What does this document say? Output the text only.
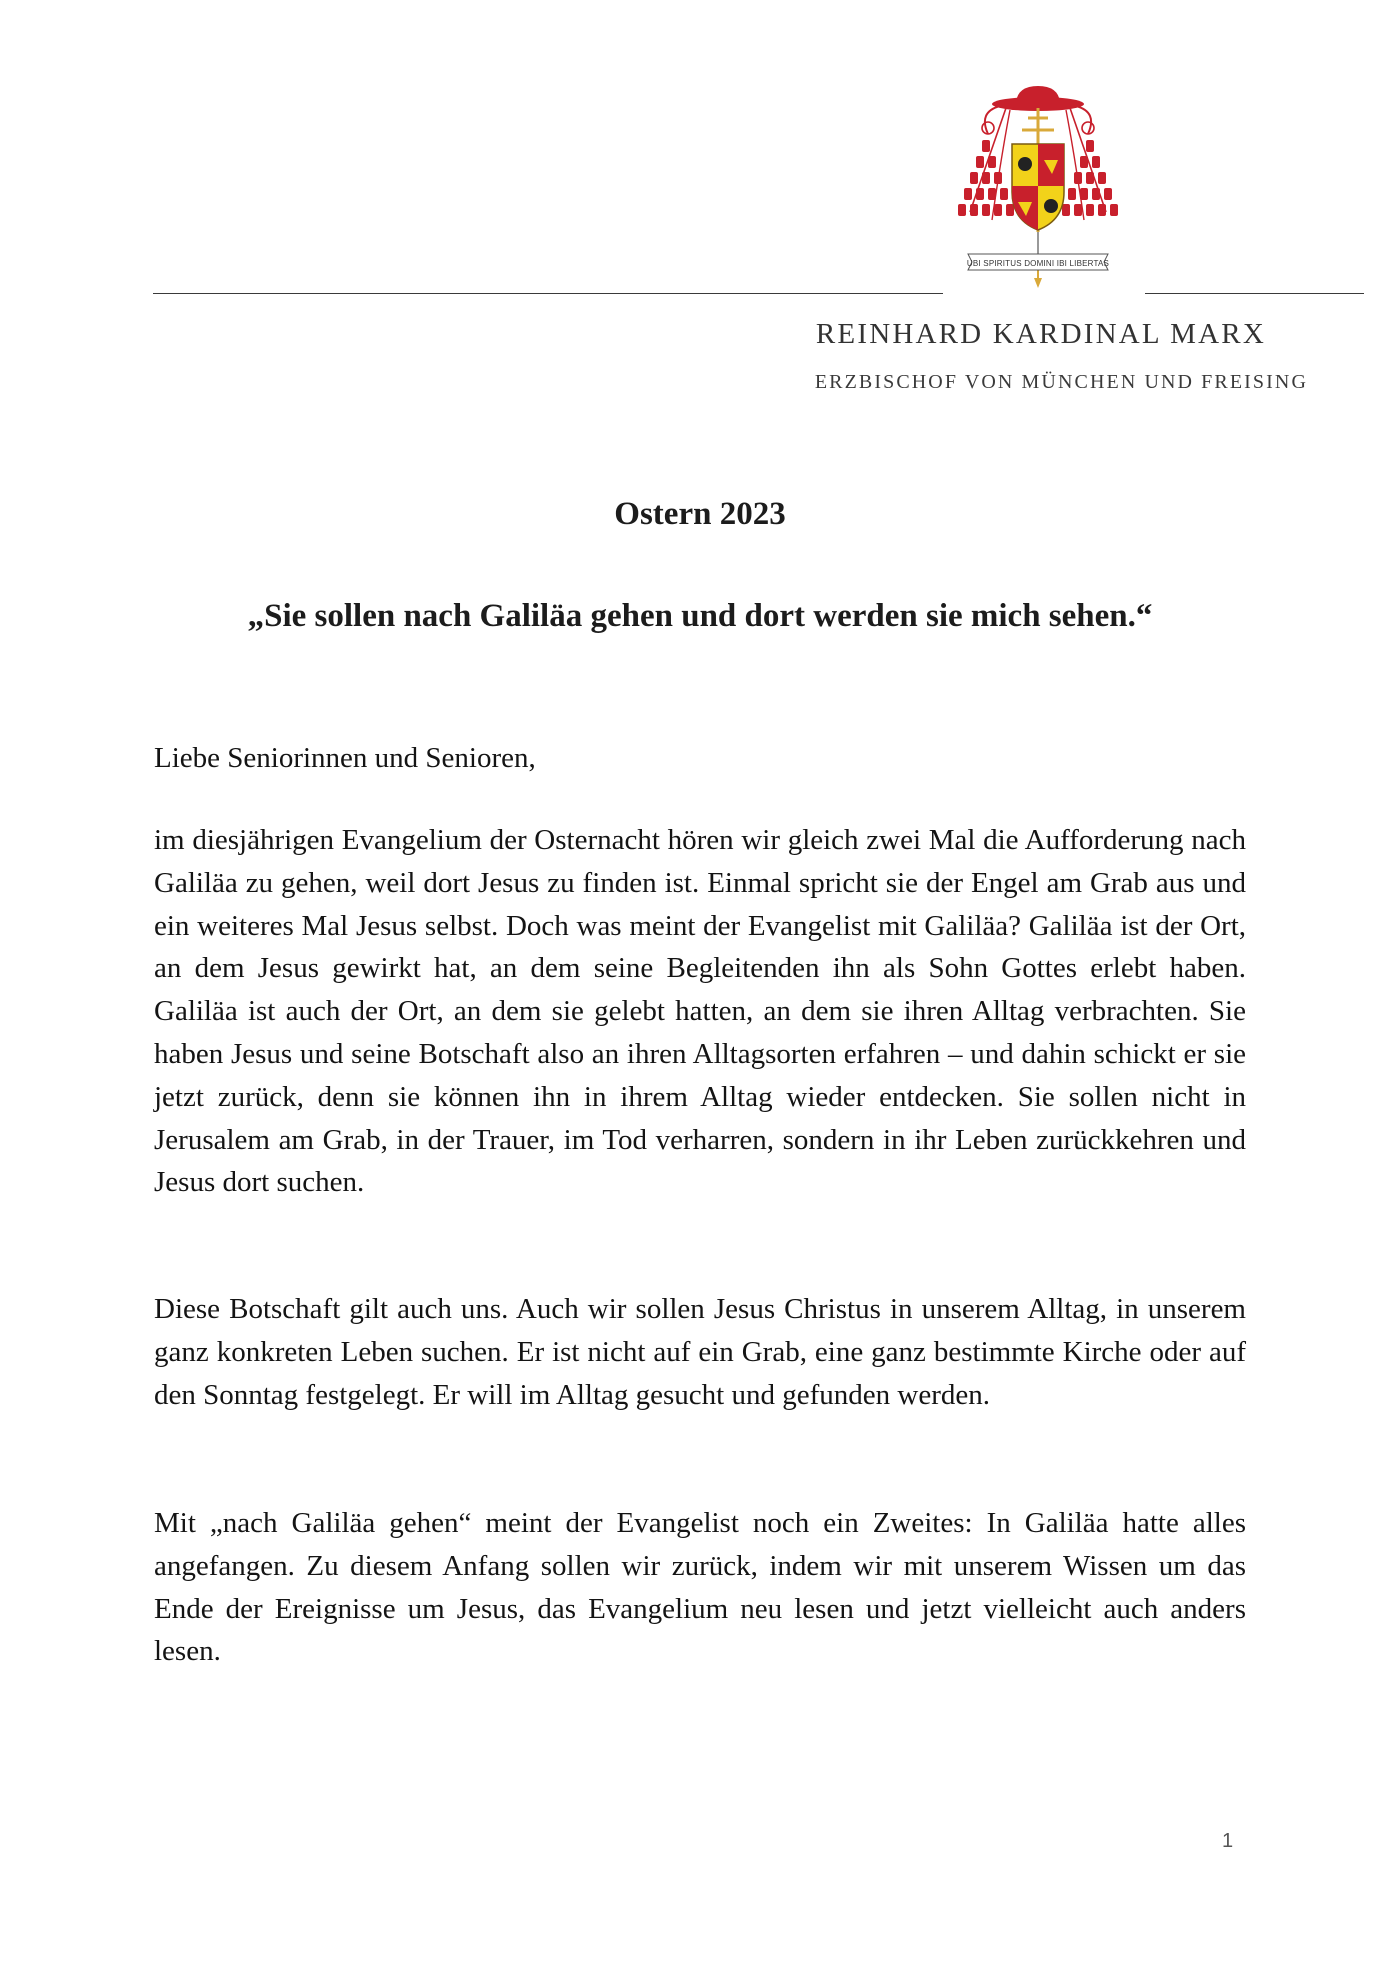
UBI SPIRITUS DOMINI IBI LIBERTAS
REINHARD KARDINAL MARX
ERZBISCHOF VON MÜNCHEN UND FREISING
Ostern 2023
„Sie sollen nach Galiläa gehen und dort werden sie mich sehen.“
Liebe Seniorinnen und Senioren,

im diesjährigen Evangelium der Osternacht hören wir gleich zwei Mal die Aufforderung nach Galiläa zu gehen, weil dort Jesus zu finden ist. Einmal spricht sie der Engel am Grab aus und ein weiteres Mal Jesus selbst. Doch was meint der Evangelist mit Galiläa? Galiläa ist der Ort, an dem Jesus gewirkt hat, an dem seine Begleitenden ihn als Sohn Gottes erlebt haben. Galiläa ist auch der Ort, an dem sie gelebt hatten, an dem sie ihren Alltag verbrachten. Sie haben Jesus und seine Botschaft also an ihren Alltagsorten erfahren – und dahin schickt er sie jetzt zurück, denn sie können ihn in ihrem Alltag wieder entdecken. Sie sollen nicht in Jerusalem am Grab, in der Trauer, im Tod verharren, sondern in ihr Leben zurückkehren und Jesus dort suchen.

Diese Botschaft gilt auch uns. Auch wir sollen Jesus Christus in unserem Alltag, in unserem ganz konkreten Leben suchen. Er ist nicht auf ein Grab, eine ganz bestimmte Kirche oder auf den Sonntag festgelegt. Er will im Alltag gesucht und gefunden werden.

Mit „nach Galiläa gehen“ meint der Evangelist noch ein Zweites: In Galiläa hatte alles angefangen. Zu diesem Anfang sollen wir zurück, indem wir mit unserem Wissen um das Ende der Ereignisse um Jesus, das Evangelium neu lesen und jetzt vielleicht auch anders lesen.

1
